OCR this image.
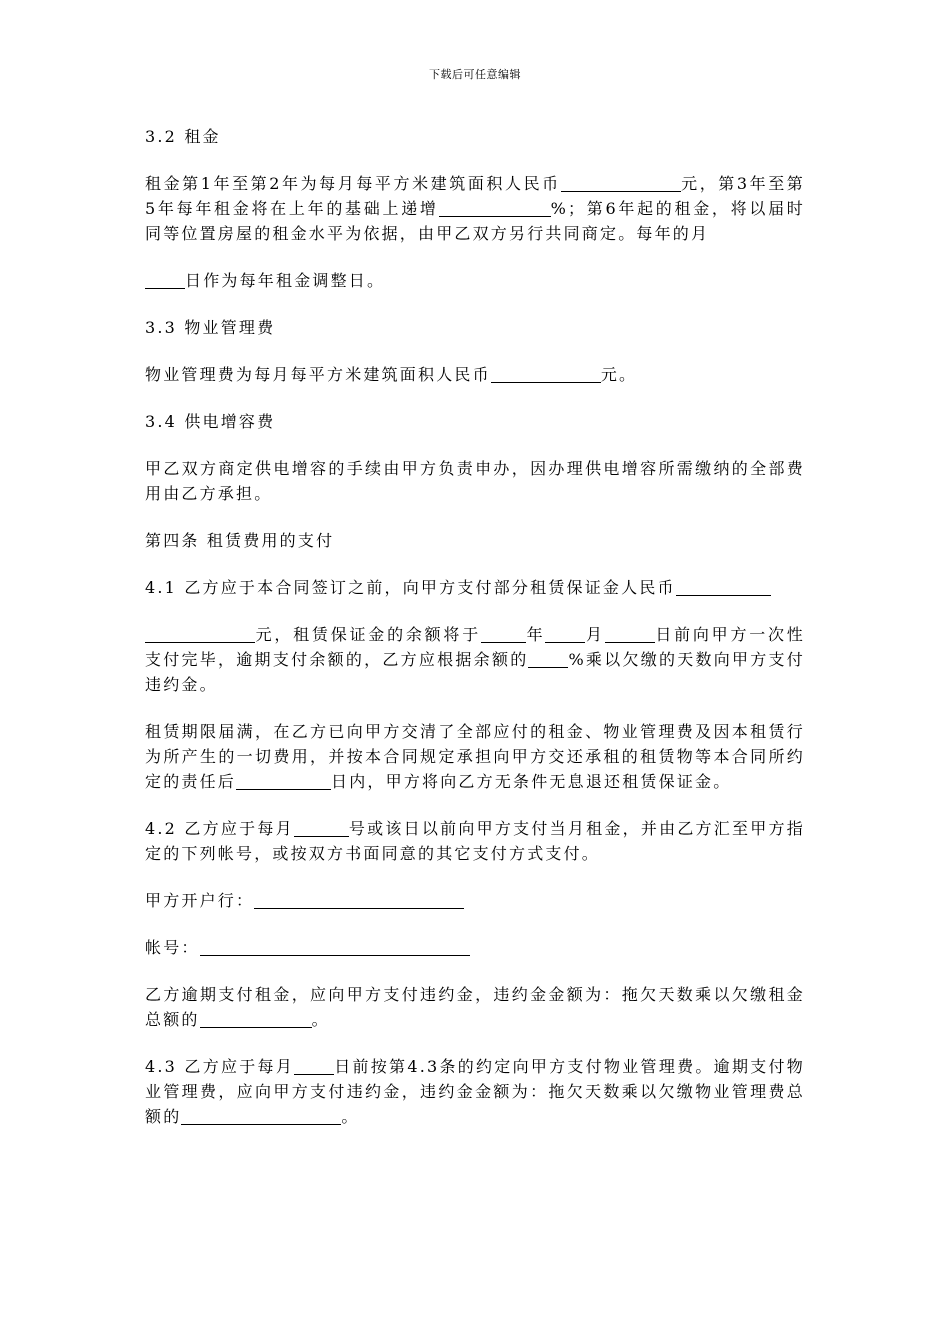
下载后可任意编辑

3.2 租金

租金第1年至第2年为每月每平方米建筑面积人民币	元，第3年至第5年每年租金将在上年的基础上递增	%；第6年起的租金，将以届时同等位置房屋的租金水平为依据，由甲乙双方另行共同商定。每年的月

日作为每年租金调整日。

3.3 物业管理费

物业管理费为每月每平方米建筑面积人民币	元。

3.4 供电增容费

甲乙双方商定供电增容的手续由甲方负责申办，因办理供电增容所需缴纳的全部费用由乙方承担。

第四条 租赁费用的支付

4.1 乙方应于本合同签订之前，向甲方支付部分租赁保证金人民币

元，租赁保证金的余额将于	年	月	日前向甲方一次性支付完毕，逾期支付余额的，乙方应根据余额的	%乘以欠缴的天数向甲方支付违约金。

租赁期限届满，在乙方已向甲方交清了全部应付的租金、物业管理费及因本租赁行为所产生的一切费用，并按本合同规定承担向甲方交还承租的租赁物等本合同所约定的责任后	日内，甲方将向乙方无条件无息退还租赁保证金。

4.2 乙方应于每月	号或该日以前向甲方支付当月租金，并由乙方汇至甲方指定的下列帐号，或按双方书面同意的其它支付方式支付。

甲方开户行：

帐号：

乙方逾期支付租金，应向甲方支付违约金，违约金金额为：拖欠天数乘以欠缴租金总额的	。

4.3 乙方应于每月	日前按第4.3条的约定向甲方支付物业管理费。逾期支付物业管理费，应向甲方支付违约金，违约金金额为：拖欠天数乘以欠缴物业管理费总额的	。
